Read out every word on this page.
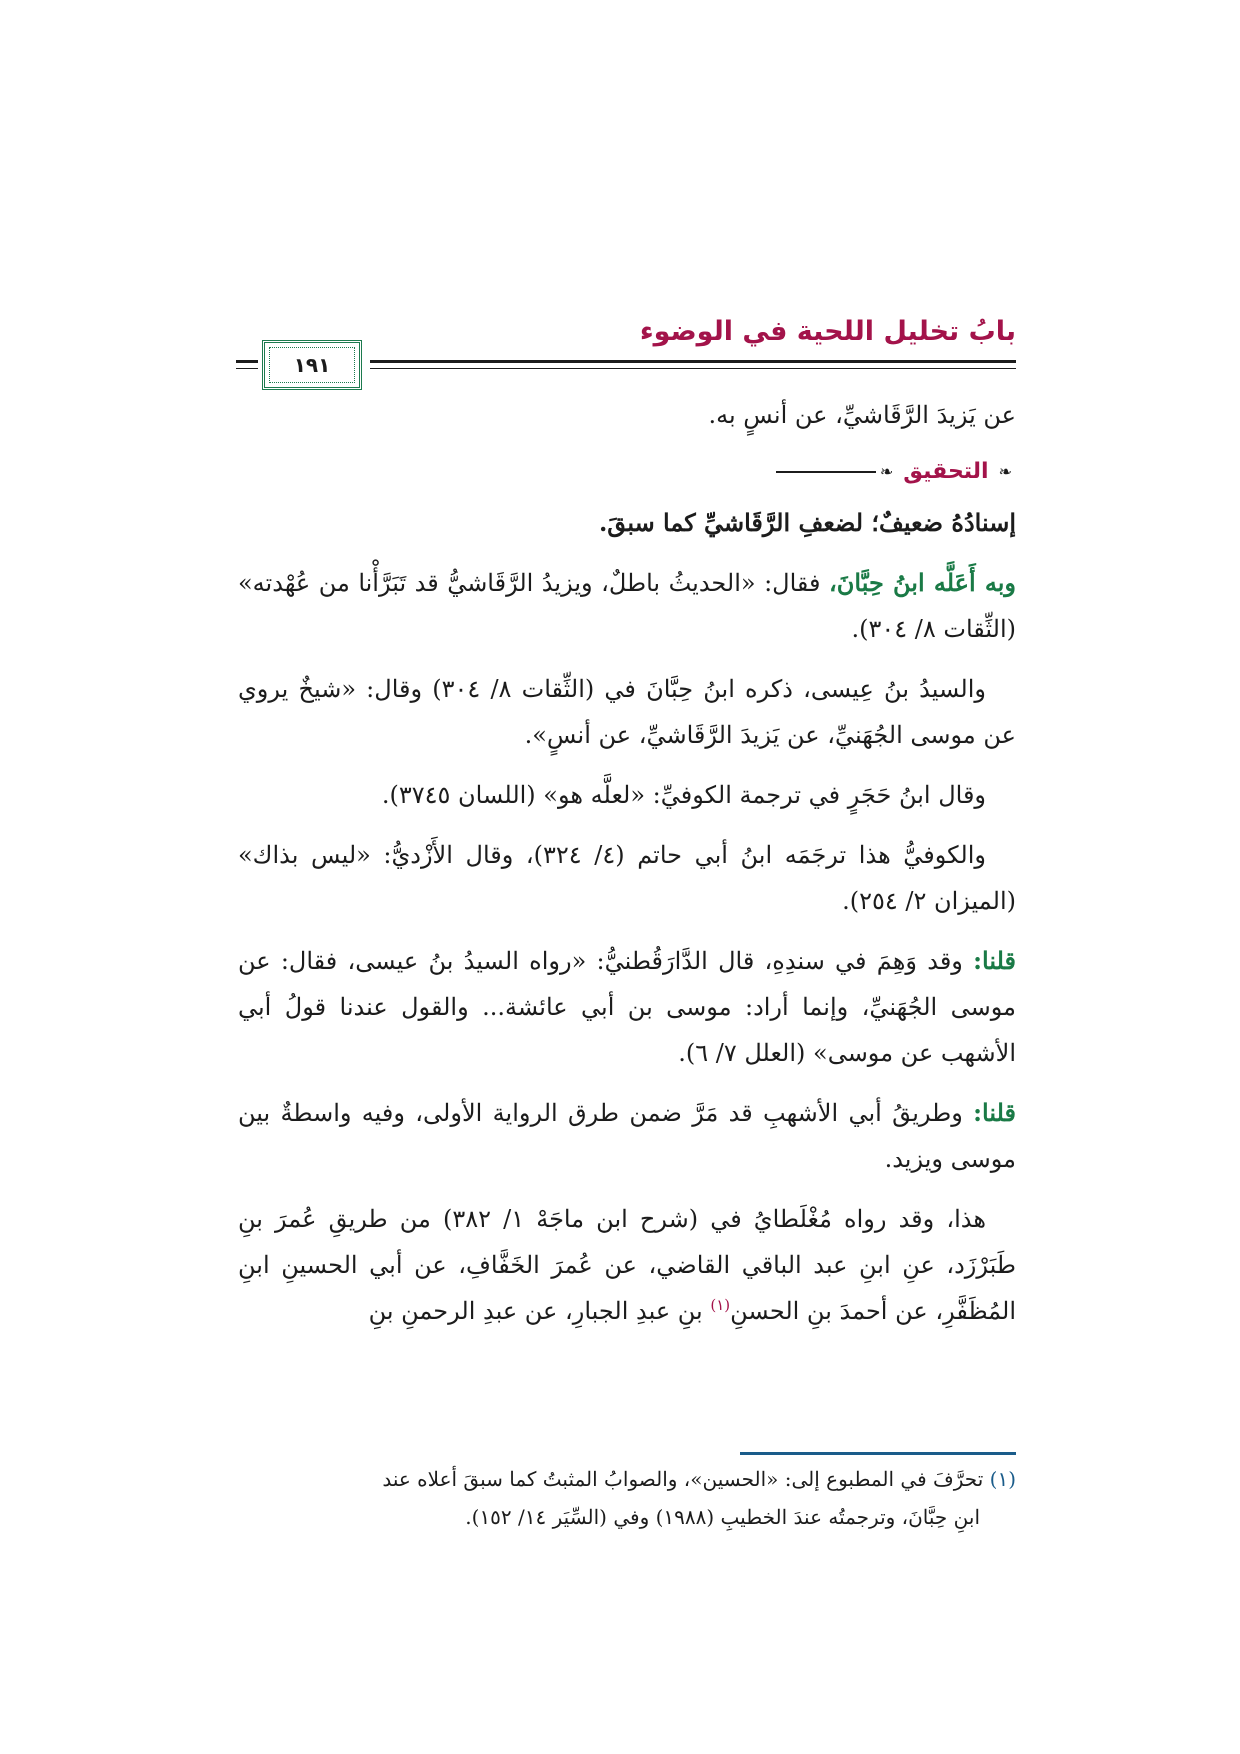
بابُ تخليل اللحية في الوضوء
١٩١

عن يَزيدَ الرَّقَاشيِّ، عن أنسٍ به.

❧
التحقيق
❧

إسنادُهُ ضعيفٌ؛ لضعفِ الرَّقَاشيِّ كما سبقَ.

وبه أَعَلَّه ابنُ حِبَّانَ، فقال: «الحديثُ باطلٌ، ويزيدُ الرَّقَاشيُّ قد تَبَرَّأْنا من عُهْدته» (الثِّقات ٨/ ٣٠٤).

والسيدُ بنُ عِيسى، ذكره ابنُ حِبَّانَ في (الثِّقات ٨/ ٣٠٤) وقال: «شيخٌ يروي عن موسى الجُهَنيِّ، عن يَزيدَ الرَّقَاشيِّ، عن أنسٍ».

وقال ابنُ حَجَرٍ في ترجمة الكوفيِّ: «لعلَّه هو» (اللسان ٣٧٤٥).

والكوفيُّ هذا ترجَمَه ابنُ أبي حاتم (٤/ ٣٢٤)، وقال الأَزْديُّ: «ليس بذاك» (الميزان ٢/ ٢٥٤).

قلنا: وقد وَهِمَ في سندِهِ، قال الدَّارَقُطنيُّ: «رواه السيدُ بنُ عيسى، فقال: عن موسى الجُهَنيِّ، وإنما أراد: موسى بن أبي عائشة... والقول عندنا قولُ أبي الأشهب عن موسى» (العلل ٧/ ٦).

قلنا: وطريقُ أبي الأشهبِ قد مَرَّ ضمن طرق الرواية الأولى، وفيه واسطةٌ بين موسى ويزيد.

هذا، وقد رواه مُغْلَطايُ في (شرح ابن ماجَهْ ١/ ٣٨٢) من طريقِ عُمرَ بنِ طَبَرْزَد، عنِ ابنِ عبد الباقي القاضي، عن عُمرَ الخَفَّافِ، عن أبي الحسينِ ابنِ المُظَفَّرِ، عن أحمدَ بنِ الحسنِ$^{(١)}$ بنِ عبدِ الجبارِ، عن عبدِ الرحمنِ بنِ

(١) تحرَّفَ في المطبوع إلى: «الحسين»، والصوابُ المثبتُ كما سبقَ أعلاه عند

ابنِ حِبَّانَ، وترجمتُه عندَ الخطيبِ (١٩٨٨) وفي (السِّيَر ١٤/ ١٥٢).
